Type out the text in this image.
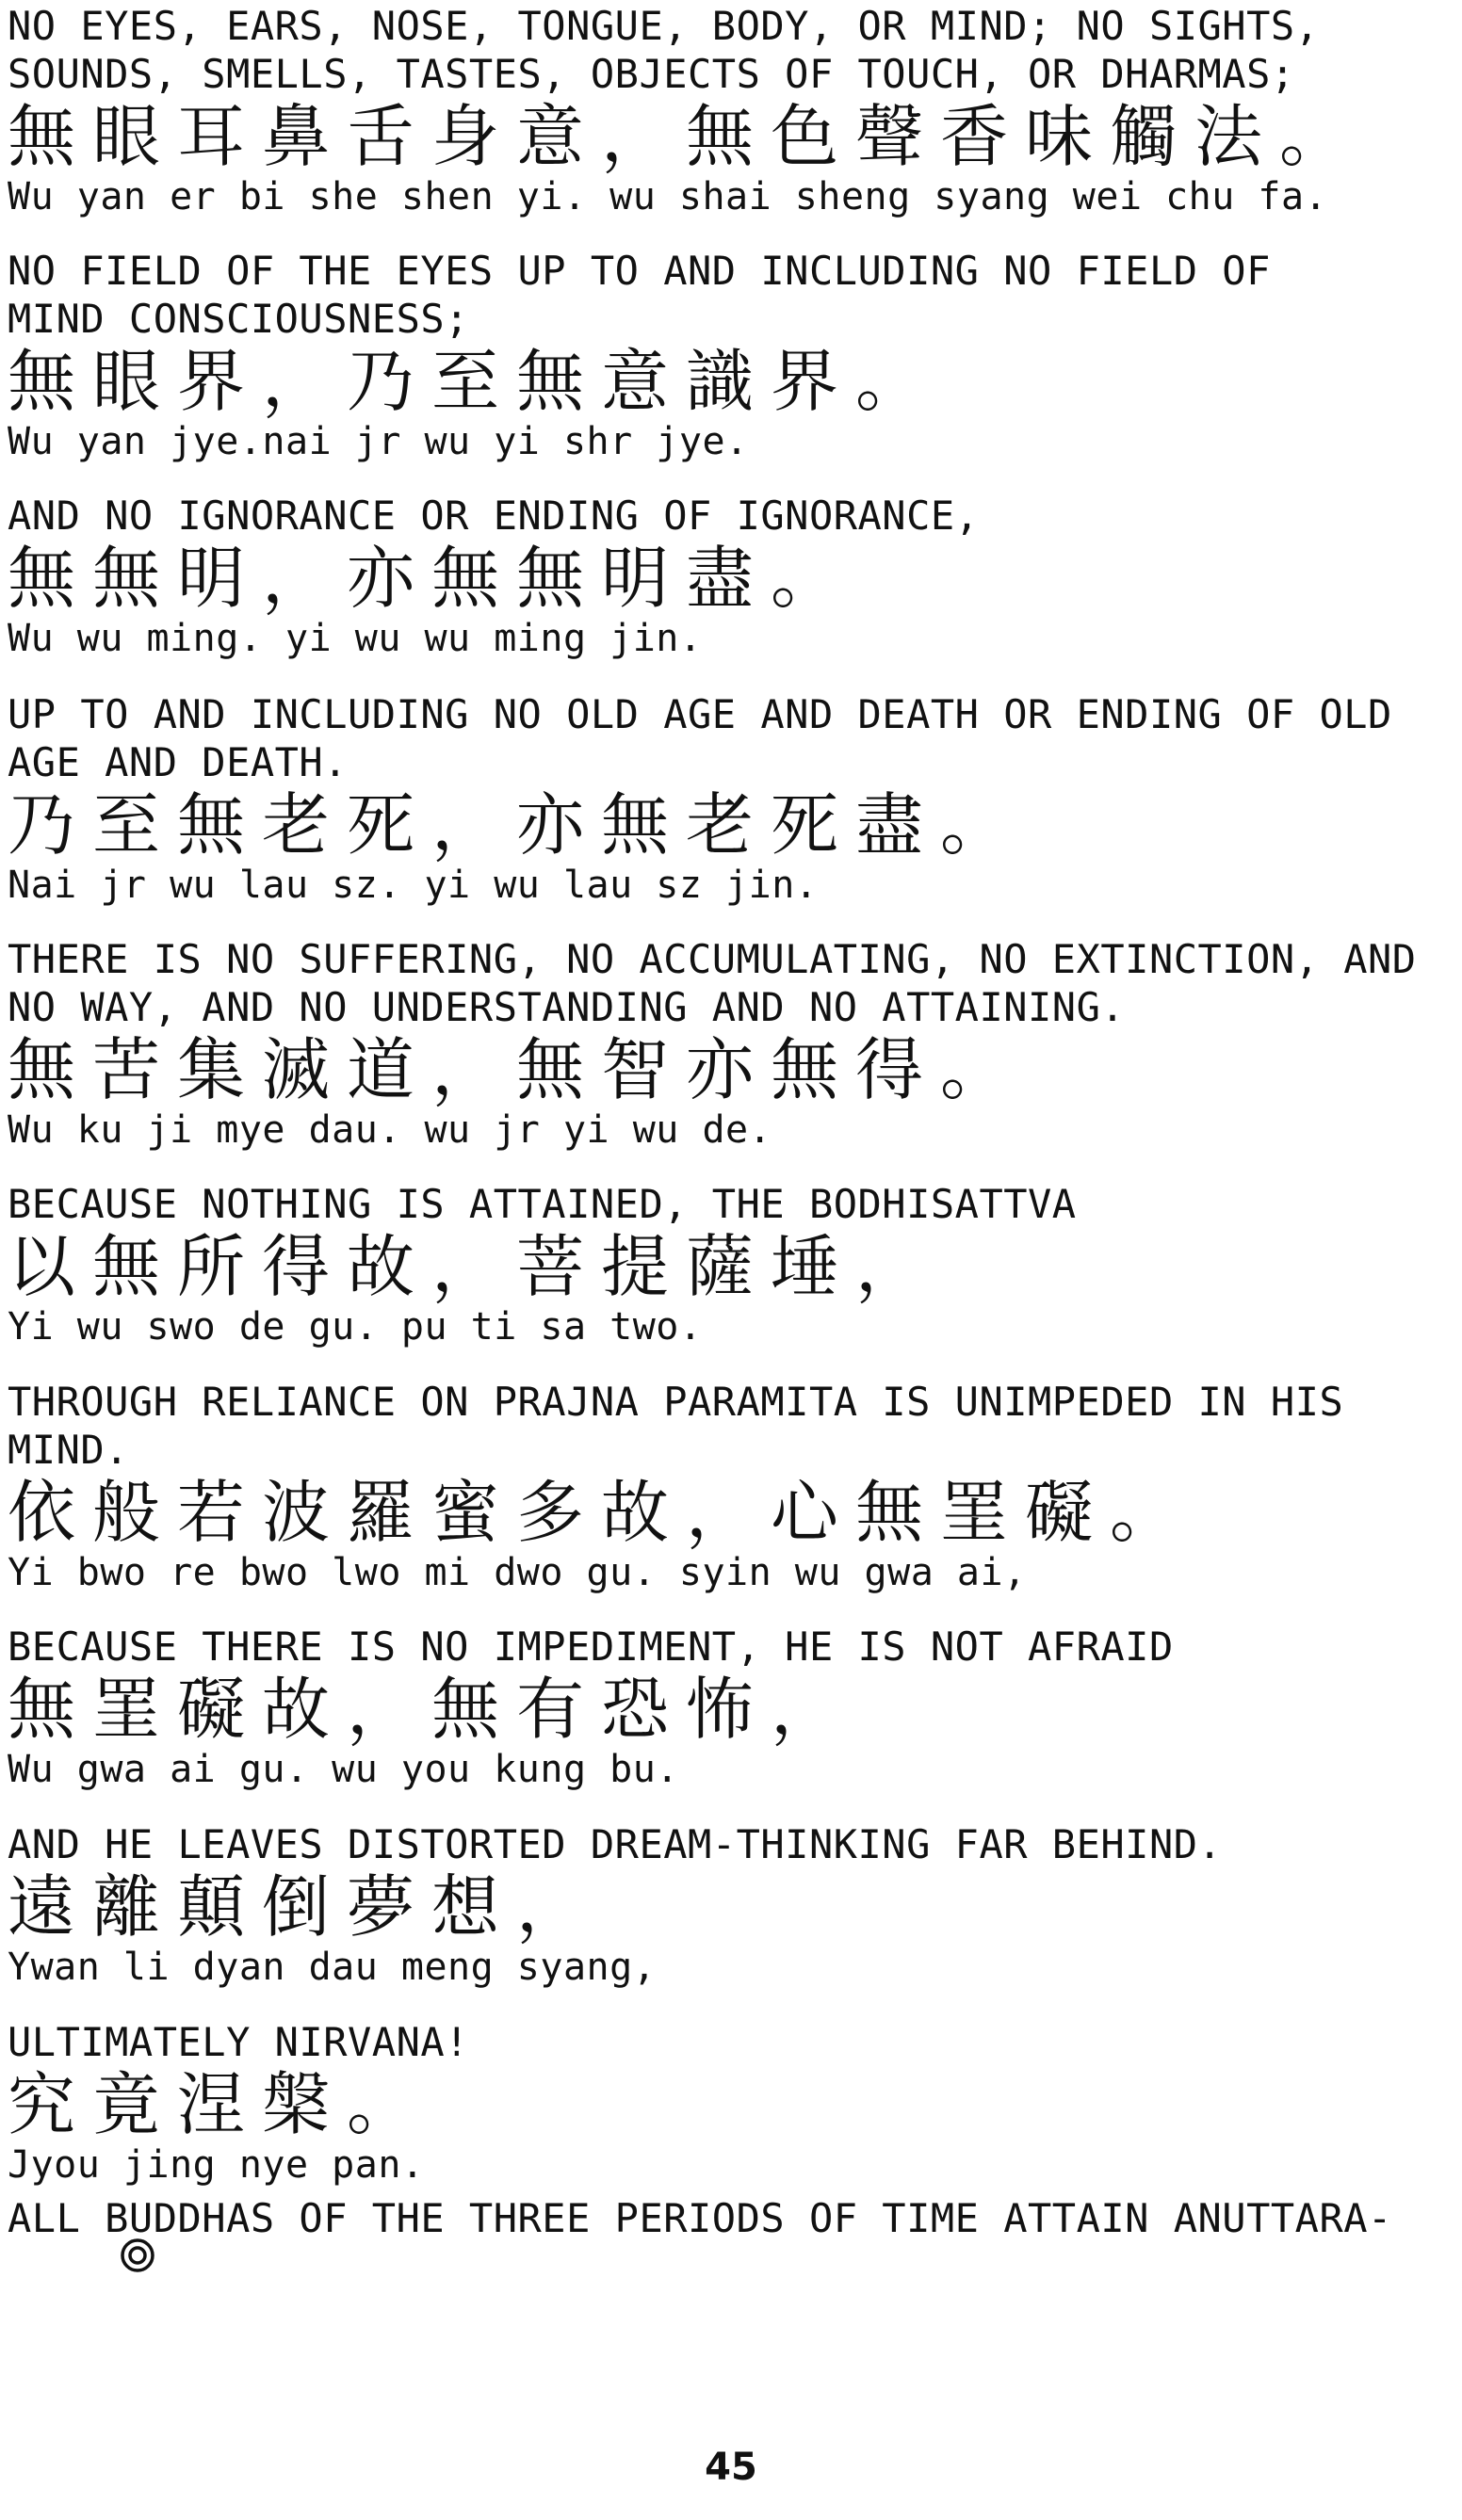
NO EYES, EARS, NOSE, TONGUE, BODY, OR MIND; NO SIGHTS,
SOUNDS, SMELLS, TASTES, OBJECTS OF TOUCH, OR DHARMAS;

無眼耳鼻舌身意，無色聲香味觸法。

Wu yan er bi she shen yi. wu shai sheng syang wei chu fa.

NO FIELD OF THE EYES UP TO AND INCLUDING NO FIELD OF
MIND CONSCIOUSNESS;

無眼界，乃至無意識界。

Wu yan jye.nai jr wu yi shr jye.

AND NO IGNORANCE OR ENDING OF IGNORANCE,

無無明，亦無無明盡。

Wu wu ming. yi wu wu ming jin.

UP TO AND INCLUDING NO OLD AGE AND DEATH OR ENDING OF OLD
AGE AND DEATH.

乃至無老死，亦無老死盡。

Nai jr wu lau sz. yi wu lau sz jin.

THERE IS NO SUFFERING, NO ACCUMULATING, NO EXTINCTION, AND
NO WAY, AND NO UNDERSTANDING AND NO ATTAINING.

無苦集滅道，無智亦無得。

Wu ku ji mye dau. wu jr yi wu de.

BECAUSE NOTHING IS ATTAINED, THE BODHISATTVA

以無所得故，菩提薩埵，

Yi wu swo de gu. pu ti sa two.

THROUGH RELIANCE ON PRAJNA PARAMITA IS UNIMPEDED IN HIS
MIND.

依般若波羅蜜多故，心無罣礙。

Yi bwo re bwo lwo mi dwo gu. syin wu gwa ai,

BECAUSE THERE IS NO IMPEDIMENT, HE IS NOT AFRAID

無罣礙故，無有恐怖，

Wu gwa ai gu. wu you kung bu.

AND HE LEAVES DISTORTED DREAM-THINKING FAR BEHIND.

遠離顛倒夢想，

Ywan li dyan dau meng syang,

ULTIMATELY NIRVANA!

究竟涅槃。

Jyou jing nye pan.

ALL BUDDHAS OF THE THREE PERIODS OF TIME ATTAIN ANUTTARA-

45
